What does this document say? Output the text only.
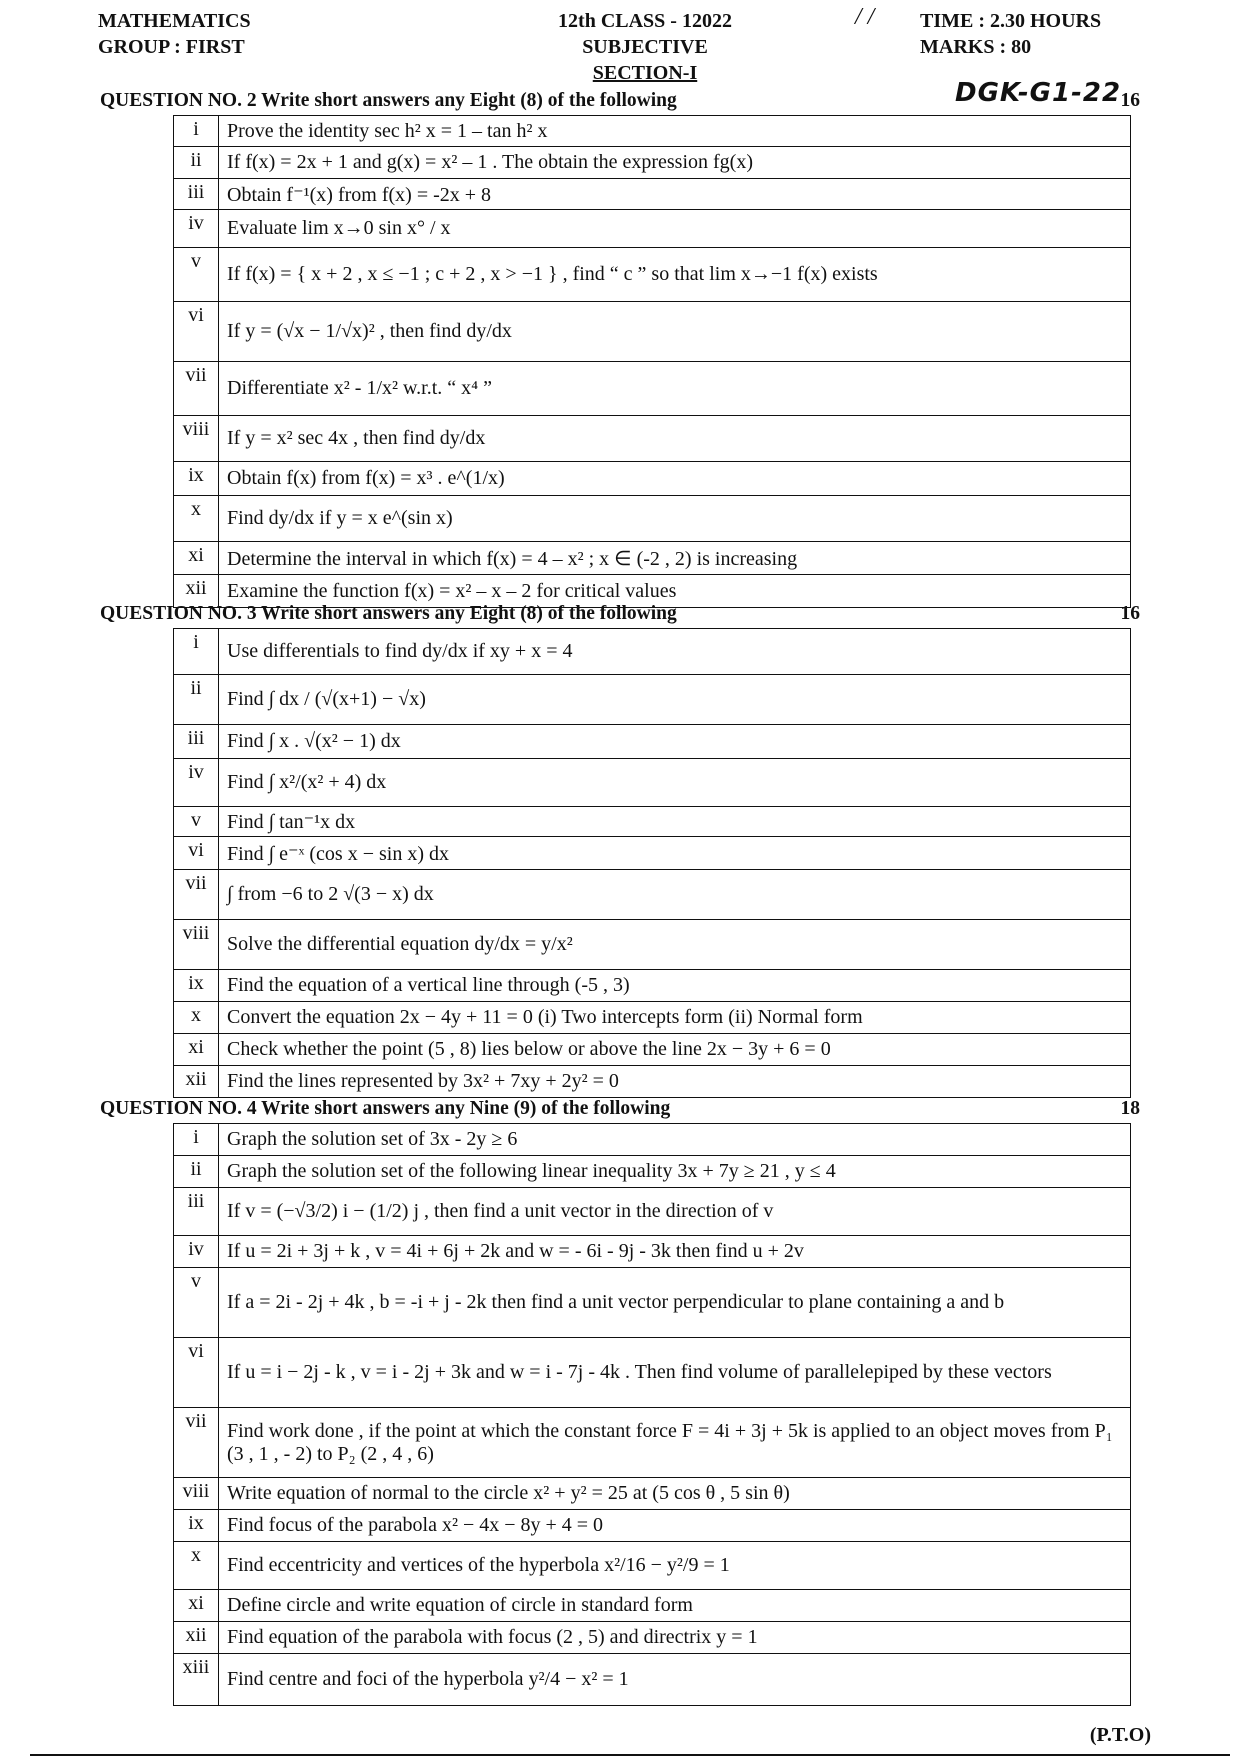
MATHEMATICS
GROUP : FIRST
12th CLASS - 12022
SUBJECTIVE
SECTION-I
/ / TIME : 2.30 HOURS
MARKS : 80
QUESTION NO. 2 Write short answers any Eight (8) of the following	DGK-G1-22 16
i	Prove the identity sec h² x = 1 – tan h² x
ii	If f(x) = 2x + 1 and g(x) = x² – 1 . The obtain the expression fg(x)
iii	Obtain f⁻¹(x) from f(x) = -2x + 8
iv	Evaluate lim x→0 sin x° / x
v	If f(x) = { x + 2 , x ≤ −1 ; c + 2 , x > −1 } , find “ c ” so that lim x→−1 f(x) exists
vi	If y = (√x − 1/√x)² , then find dy/dx
vii	Differentiate x² - 1/x² w.r.t. “ x⁴ ”
viii	If y = x² sec 4x , then find dy/dx
ix	Obtain f(x) from f(x) = x³ . e^(1/x)
x	Find dy/dx if y = x e^(sin x)
xi	Determine the interval in which f(x) = 4 – x² ; x ∈ (-2 , 2) is increasing
xii	Examine the function f(x) = x² – x – 2 for critical values
QUESTION NO. 3 Write short answers any Eight (8) of the following	16
i	Use differentials to find dy/dx if xy + x = 4
ii	Find ∫ dx / (√(x+1) − √x)
iii	Find ∫ x . √(x² − 1) dx
iv	Find ∫ x²/(x² + 4) dx
v	Find ∫ tan⁻¹x dx
vi	Find ∫ e⁻ˣ (cos x − sin x) dx
vii	∫ from −6 to 2 √(3 − x) dx
viii	Solve the differential equation dy/dx = y/x²
ix	Find the equation of a vertical line through (-5 , 3)
x	Convert the equation 2x − 4y + 11 = 0 (i) Two intercepts form (ii) Normal form
xi	Check whether the point (5 , 8) lies below or above the line 2x − 3y + 6 = 0
xii	Find the lines represented by 3x² + 7xy + 2y² = 0
QUESTION NO. 4 Write short answers any Nine (9) of the following	18
i	Graph the solution set of 3x - 2y ≥ 6
ii	Graph the solution set of the following linear inequality 3x + 7y ≥ 21 , y ≤ 4
iii	If v = (−√3/2) i − (1/2) j , then find a unit vector in the direction of v
iv	If u = 2i + 3j + k , v = 4i + 6j + 2k and w = - 6i - 9j - 3k then find u + 2v
v	If a = 2i - 2j + 4k , b = -i + j - 2k then find a unit vector perpendicular to plane containing a and b
vi	If u = i − 2j - k , v = i - 2j + 3k and w = i - 7j - 4k . Then find volume of parallelepiped by these vectors
vii	Find work done , if the point at which the constant force F = 4i + 3j + 5k is applied to an object moves from P₁ (3 , 1 , - 2) to P₂ (2 , 4 , 6)
viii	Write equation of normal to the circle x² + y² = 25 at (5 cos θ , 5 sin θ)
ix	Find focus of the parabola x² − 4x − 8y + 4 = 0
x	Find eccentricity and vertices of the hyperbola x²/16 − y²/9 = 1
xi	Define circle and write equation of circle in standard form
xii	Find equation of the parabola with focus (2 , 5) and directrix y = 1
xiii	Find centre and foci of the hyperbola y²/4 − x² = 1
(P.T.O)
